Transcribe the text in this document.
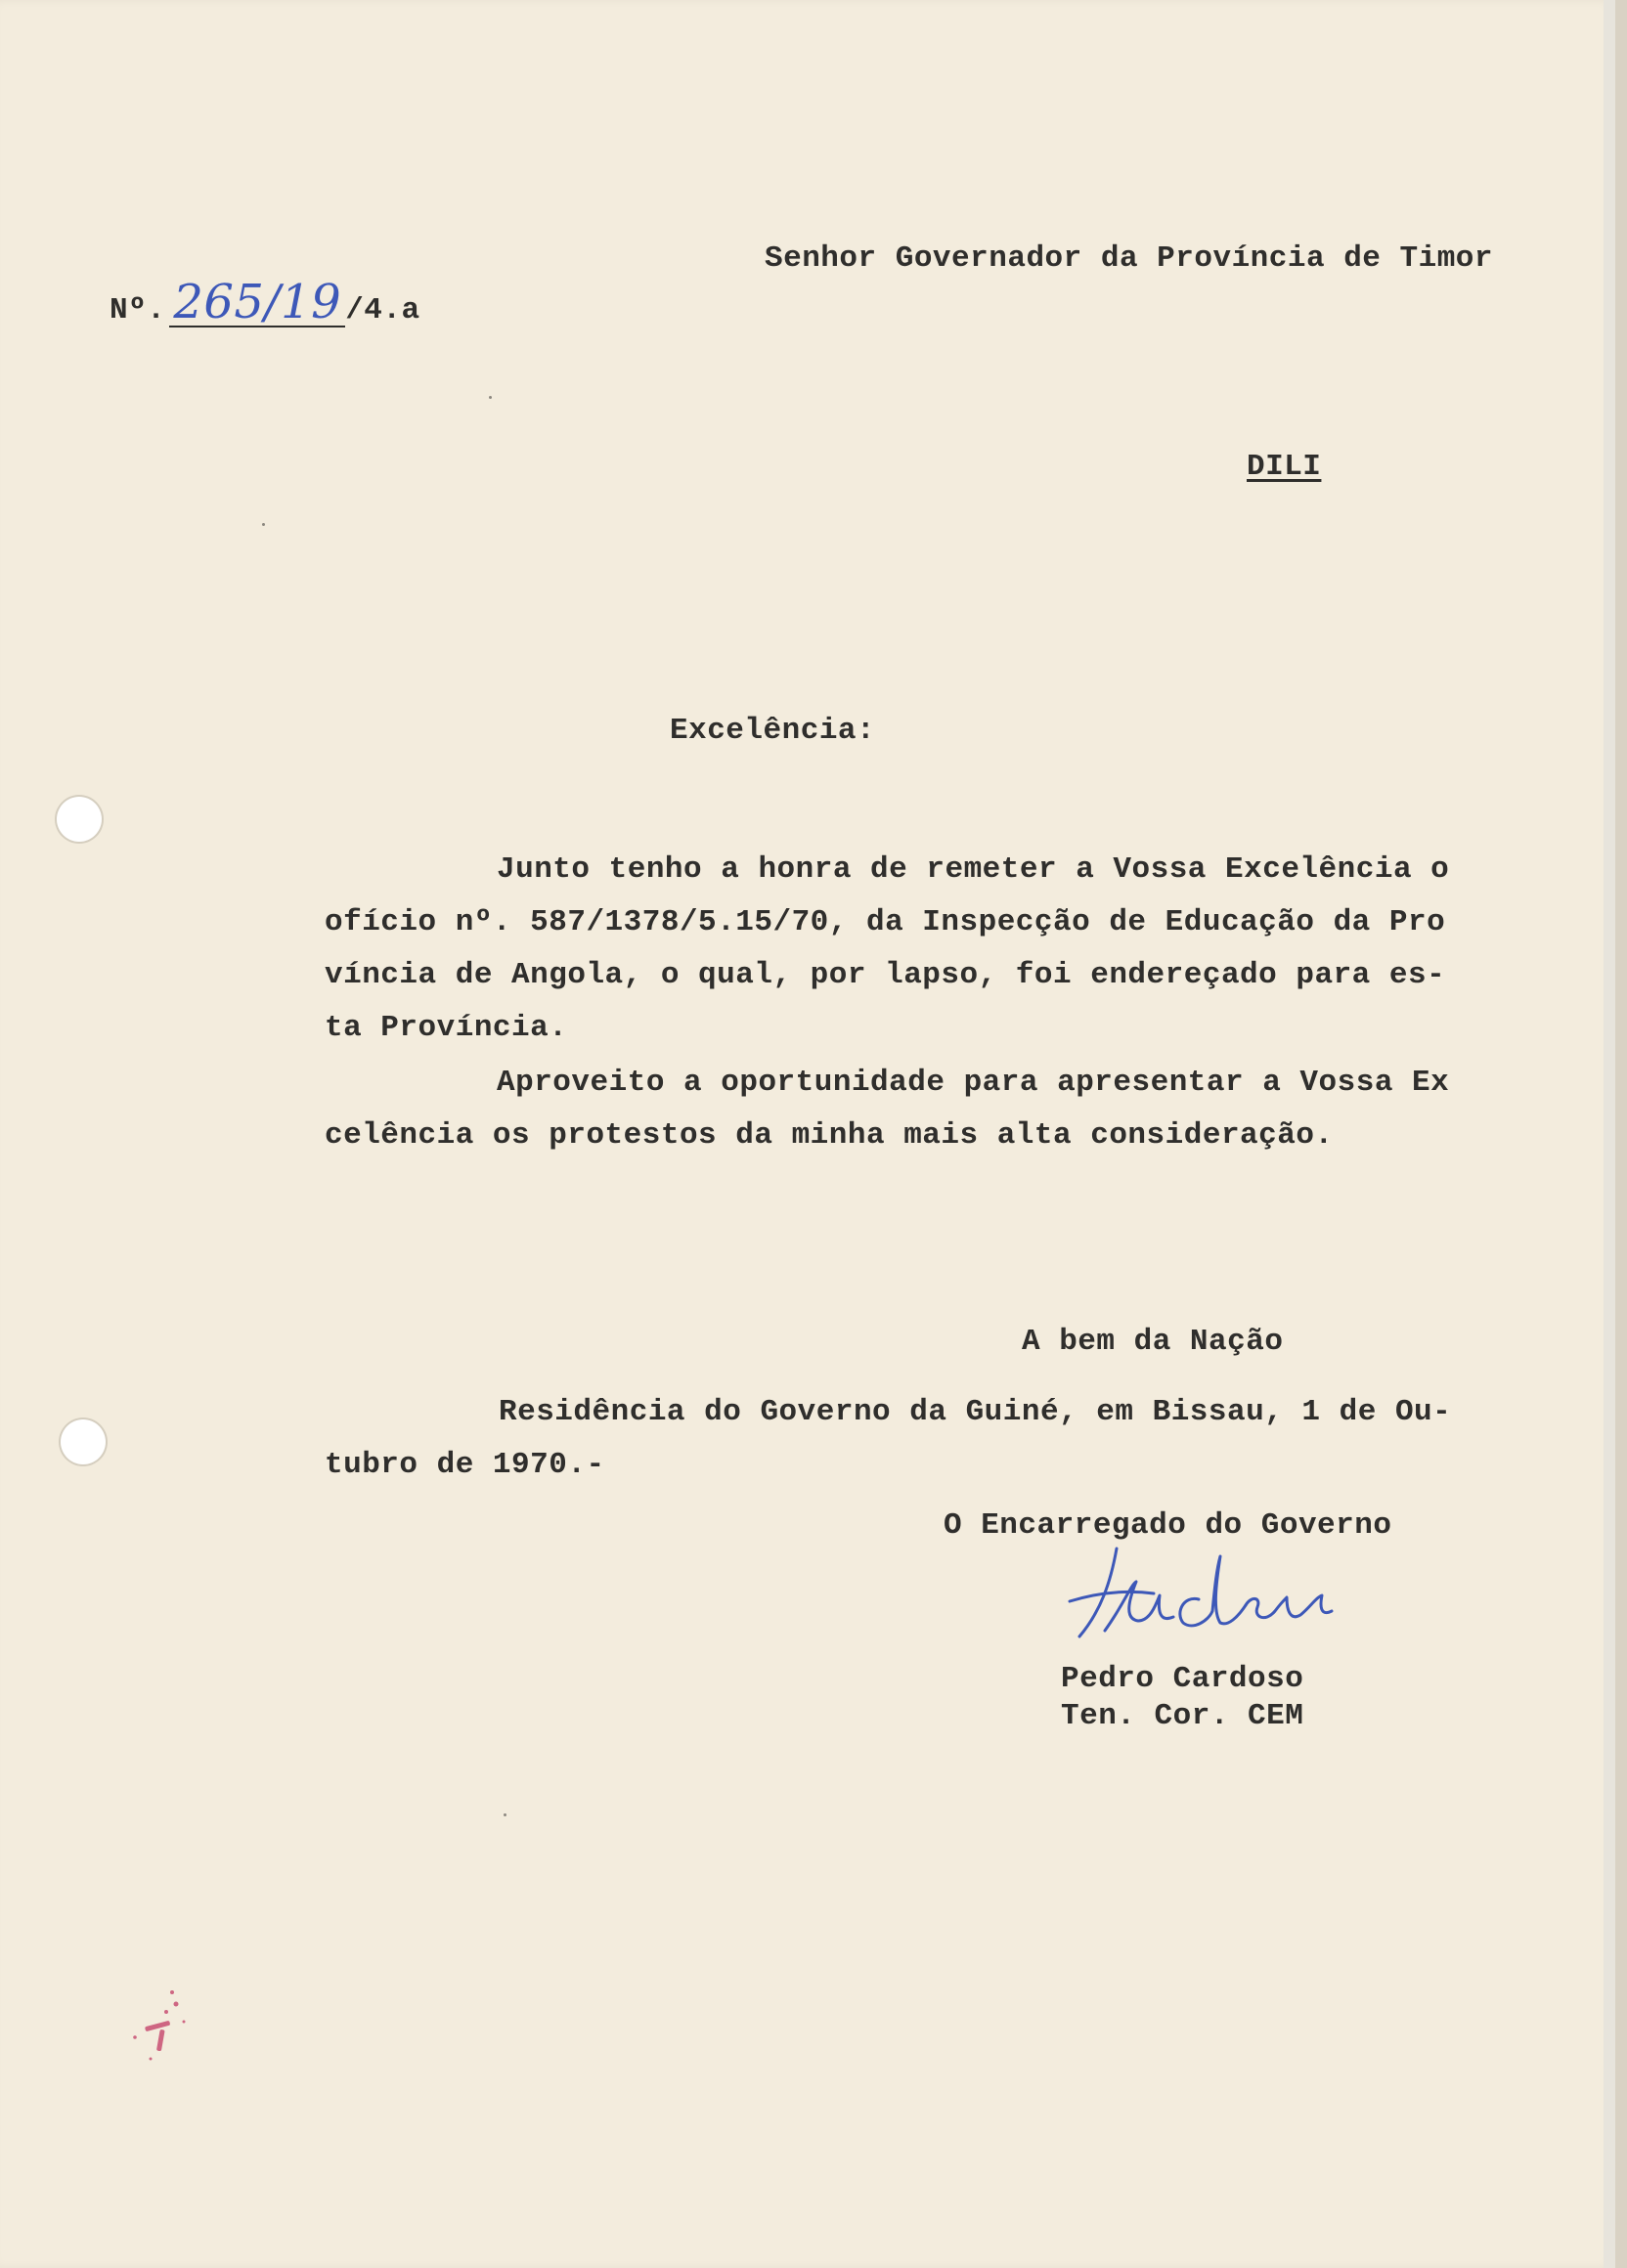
Nº. 265/19 /4.a
Senhor Governador da Província de Timor
DILI
Excelência:
Junto tenho a honra de remeter a Vossa Excelência o
ofício nº. 587/1378/5.15/70, da Inspecção de Educação da Pro
víncia de Angola, o qual, por lapso, foi endereçado para es-
ta Província.
Aproveito a oportunidade para apresentar a Vossa Ex
celência os protestos da minha mais alta consideração.
A bem da Nação
Residência do Governo da Guiné, em Bissau, 1 de Ou-
tubro de 1970.-
O Encarregado do Governo
Pedro Cardoso
Ten. Cor. CEM
